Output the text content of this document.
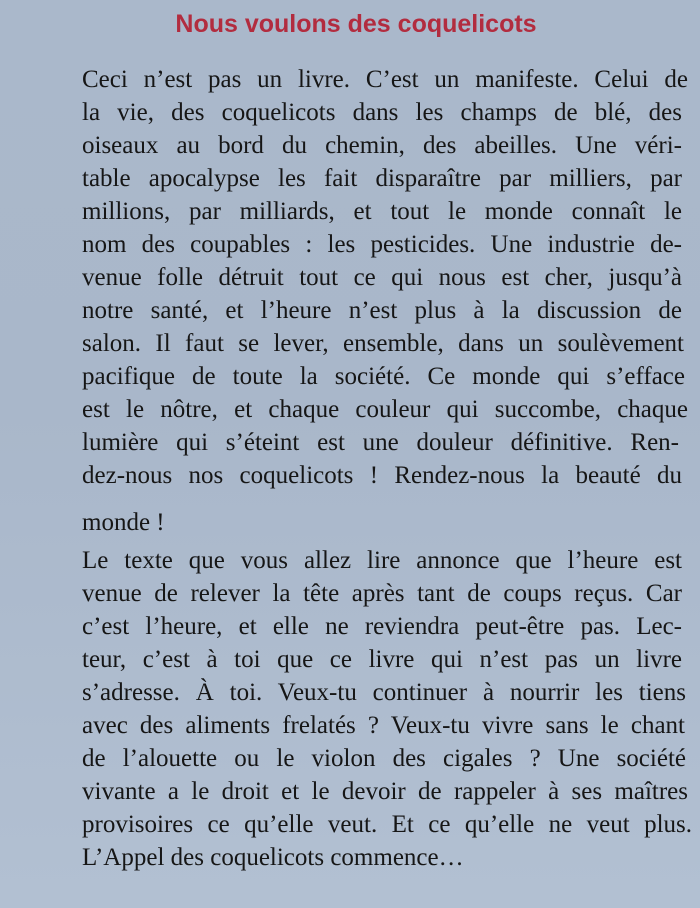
Nous voulons des coquelicots
Ceci n’est pas un livre. C’est un manifeste. Celui de
la vie, des coquelicots dans les champs de blé, des
oiseaux au bord du chemin, des abeilles. Une véri-
table apocalypse les fait disparaître par milliers, par
millions, par milliards, et tout le monde connaît le
nom des coupables : les pesticides. Une industrie de-
venue folle détruit tout ce qui nous est cher, jusqu’à
notre santé, et l’heure n’est plus à la discussion de
salon. Il faut se lever, ensemble, dans un soulèvement
pacifique de toute la société. Ce monde qui s’efface
est le nôtre, et chaque couleur qui succombe, chaque
lumière qui s’éteint est une douleur définitive. Ren-
dez-nous nos coquelicots ! Rendez-nous la beauté du
monde !
Le texte que vous allez lire annonce que l’heure est
venue de relever la tête après tant de coups reçus. Car
c’est l’heure, et elle ne reviendra peut-être pas. Lec-
teur, c’est à toi que ce livre qui n’est pas un livre
s’adresse. À toi. Veux-tu continuer à nourrir les tiens
avec des aliments frelatés ? Veux-tu vivre sans le chant
de l’alouette ou le violon des cigales ? Une société
vivante a le droit et le devoir de rappeler à ses maîtres
provisoires ce qu’elle veut. Et ce qu’elle ne veut plus.
L’Appel des coquelicots commence…
